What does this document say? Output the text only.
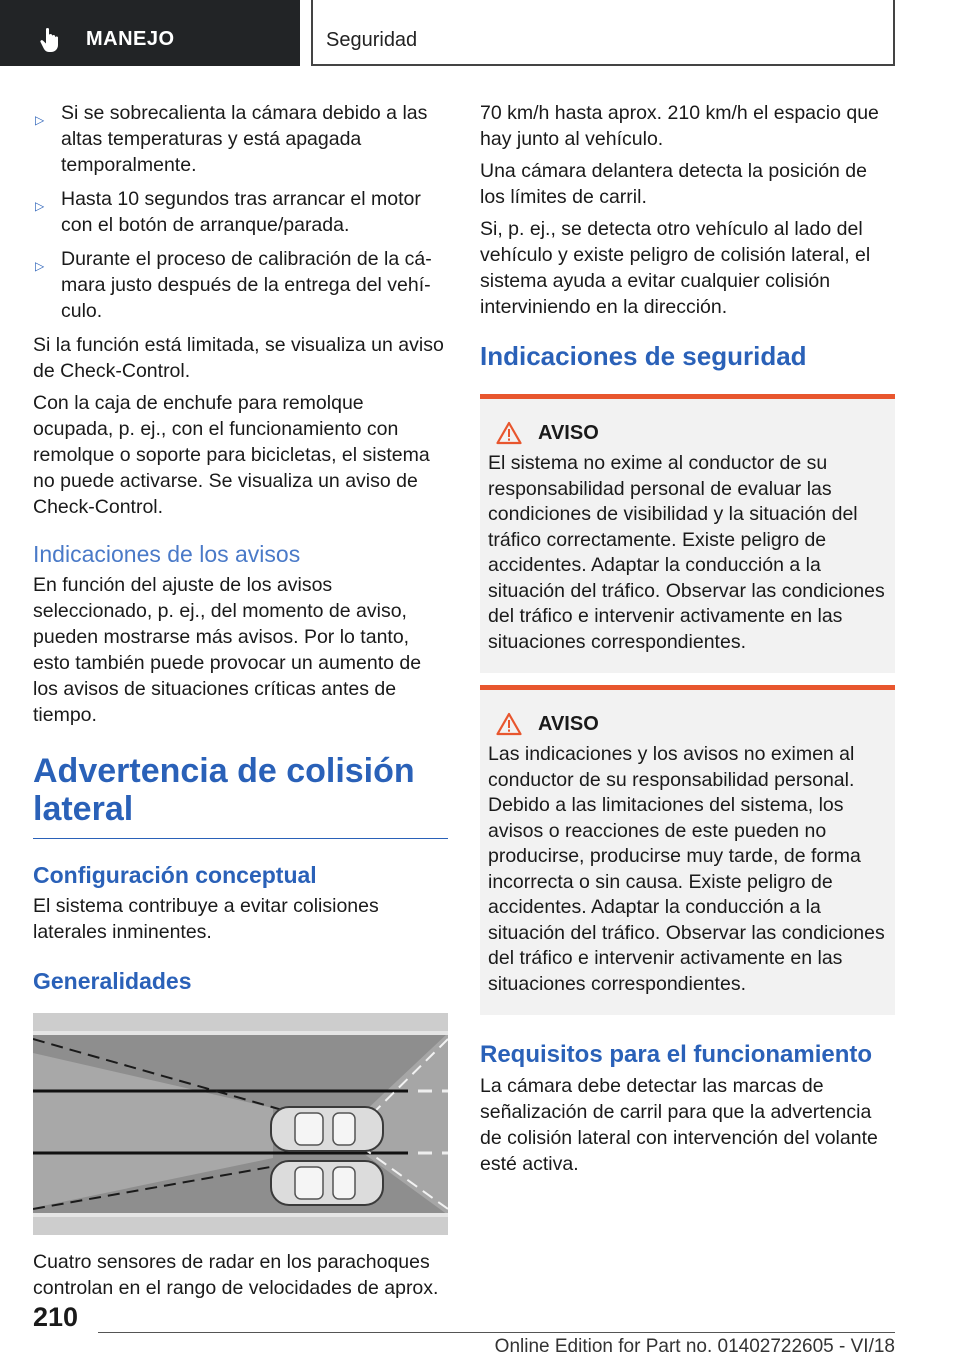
MANEJO	Seguridad
▷ Si se sobrecalienta la cámara debido a las altas temperaturas y está apagada temporalmente.
▷ Hasta 10 segundos tras arrancar el motor con el botón de arranque/parada.
▷ Durante el proceso de calibración de la cámara justo después de la entrega del vehículo.

Si la función está limitada, se visualiza un aviso de Check-Control.

Con la caja de enchufe para remolque ocupada, p. ej., con el funcionamiento con remolque o soporte para bicicletas, el sistema no puede activarse. Se visualiza un aviso de Check-Control.

Indicaciones de los avisos

En función del ajuste de los avisos seleccionado, p. ej., del momento de aviso, pueden mostrarse más avisos. Por lo tanto, esto también puede provocar un aumento de los avisos de situaciones críticas antes de tiempo.

Advertencia de colisión lateral
Configuración conceptual

El sistema contribuye a evitar colisiones laterales inminentes.

Generalidades

Cuatro sensores de radar en los parachoques controlan en el rango de velocidades de aprox.

70 km/h hasta aprox. 210 km/h el espacio que hay junto al vehículo.

Una cámara delantera detecta la posición de los límites de carril.

Si, p. ej., se detecta otro vehículo al lado del vehículo y existe peligro de colisión lateral, el sistema ayuda a evitar cualquier colisión interviniendo en la dirección.

Indicaciones de seguridad
AVISO

El sistema no exime al conductor de su responsabilidad personal de evaluar las condiciones de visibilidad y la situación del tráfico correctamente. Existe peligro de accidentes. Adaptar la conducción a la situación del tráfico. Observar las condiciones del tráfico e intervenir activamente en las situaciones correspondientes.

AVISO

Las indicaciones y los avisos no eximen al conductor de su responsabilidad personal. Debido a las limitaciones del sistema, los avisos o reacciones de este pueden no producirse, producirse muy tarde, de forma incorrecta o sin causa. Existe peligro de accidentes. Adaptar la conducción a la situación del tráfico. Observar las condiciones del tráfico e intervenir activamente en las situaciones correspondientes.

Requisitos para el funcionamiento

La cámara debe detectar las marcas de señalización de carril para que la advertencia de colisión lateral con intervención del volante esté activa.

210
Online Edition for Part no. 01402722605 - VI/18
